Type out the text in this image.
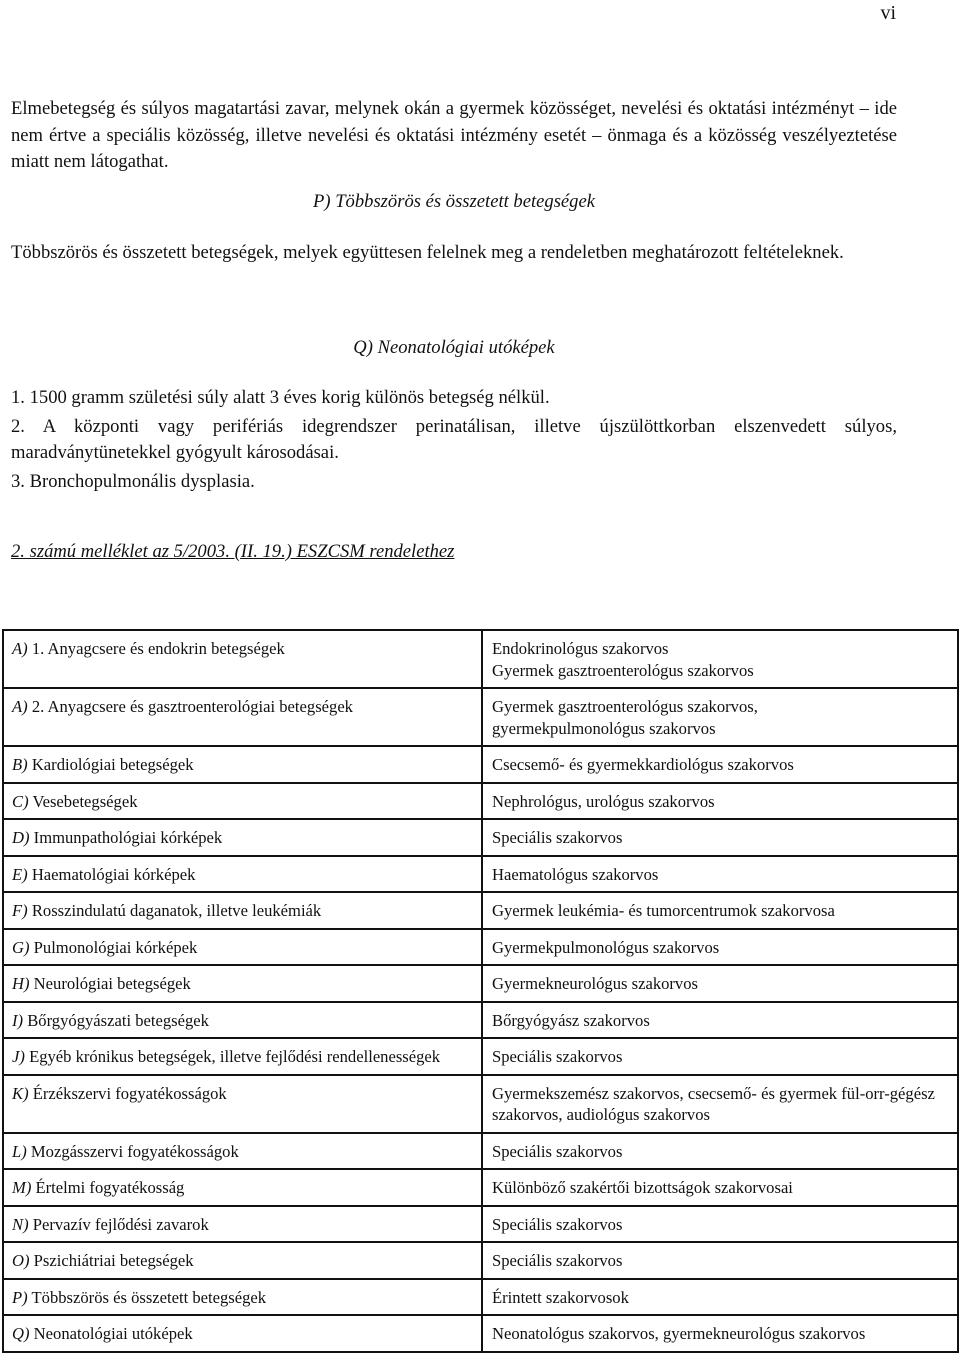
vi
Elmebetegség és súlyos magatartási zavar, melynek okán a gyermek közösséget, nevelési és oktatási intézményt – ide nem értve a speciális közösség, illetve nevelési és oktatási intézmény esetét – önmaga és a közösség veszélyeztetése miatt nem látogathat.
P) Többszörös és összetett betegségek
Többszörös és összetett betegségek, melyek együttesen felelnek meg a rendeletben meghatározott feltételeknek.
Q) Neonatológiai utóképek
1. 1500 gramm születési súly alatt 3 éves korig különös betegség nélkül.
2. A központi vagy perifériás idegrendszer perinatálisan, illetve újszülöttkorban elszenvedett súlyos, maradványtünetekkel gyógyult károsodásai.
3. Bronchopulmonális dysplasia.
2. számú melléklet az 5/2003. (II. 19.) ESZCSM rendelethez
A) 1. Anyagcsere és endokrin betegségek	Endokrinológus szakorvos
Gyermek gasztroenterológus szakorvos

A) 2. Anyagcsere és gasztroenterológiai betegségek	Gyermek gasztroenterológus szakorvos,
gyermekpulmonológus szakorvos

B) Kardiológiai betegségek	Csecsemő- és gyermekkardiológus szakorvos

C) Vesebetegségek	Nephrológus, urológus szakorvos

D) Immunpathológiai kórképek	Speciális szakorvos

E) Haematológiai kórképek	Haematológus szakorvos

F) Rosszindulatú daganatok, illetve leukémiák	Gyermek leukémia- és tumorcentrumok szakorvosa

G) Pulmonológiai kórképek	Gyermekpulmonológus szakorvos

H) Neurológiai betegségek	Gyermekneurológus szakorvos

I) Bőrgyógyászati betegségek	Bőrgyógyász szakorvos

J) Egyéb krónikus betegségek, illetve fejlődési rendellenességek	Speciális szakorvos

K) Érzékszervi fogyatékosságok	Gyermekszemész szakorvos, csecsemő- és gyermek fül-orr-gégész szakorvos, audiológus szakorvos

L) Mozgásszervi fogyatékosságok	Speciális szakorvos

M) Értelmi fogyatékosság	Különböző szakértői bizottságok szakorvosai

N) Pervazív fejlődési zavarok	Speciális szakorvos

O) Pszichiátriai betegségek	Speciális szakorvos

P) Többszörös és összetett betegségek	Érintett szakorvosok

Q) Neonatológiai utóképek	Neonatológus szakorvos, gyermekneurológus szakorvos
